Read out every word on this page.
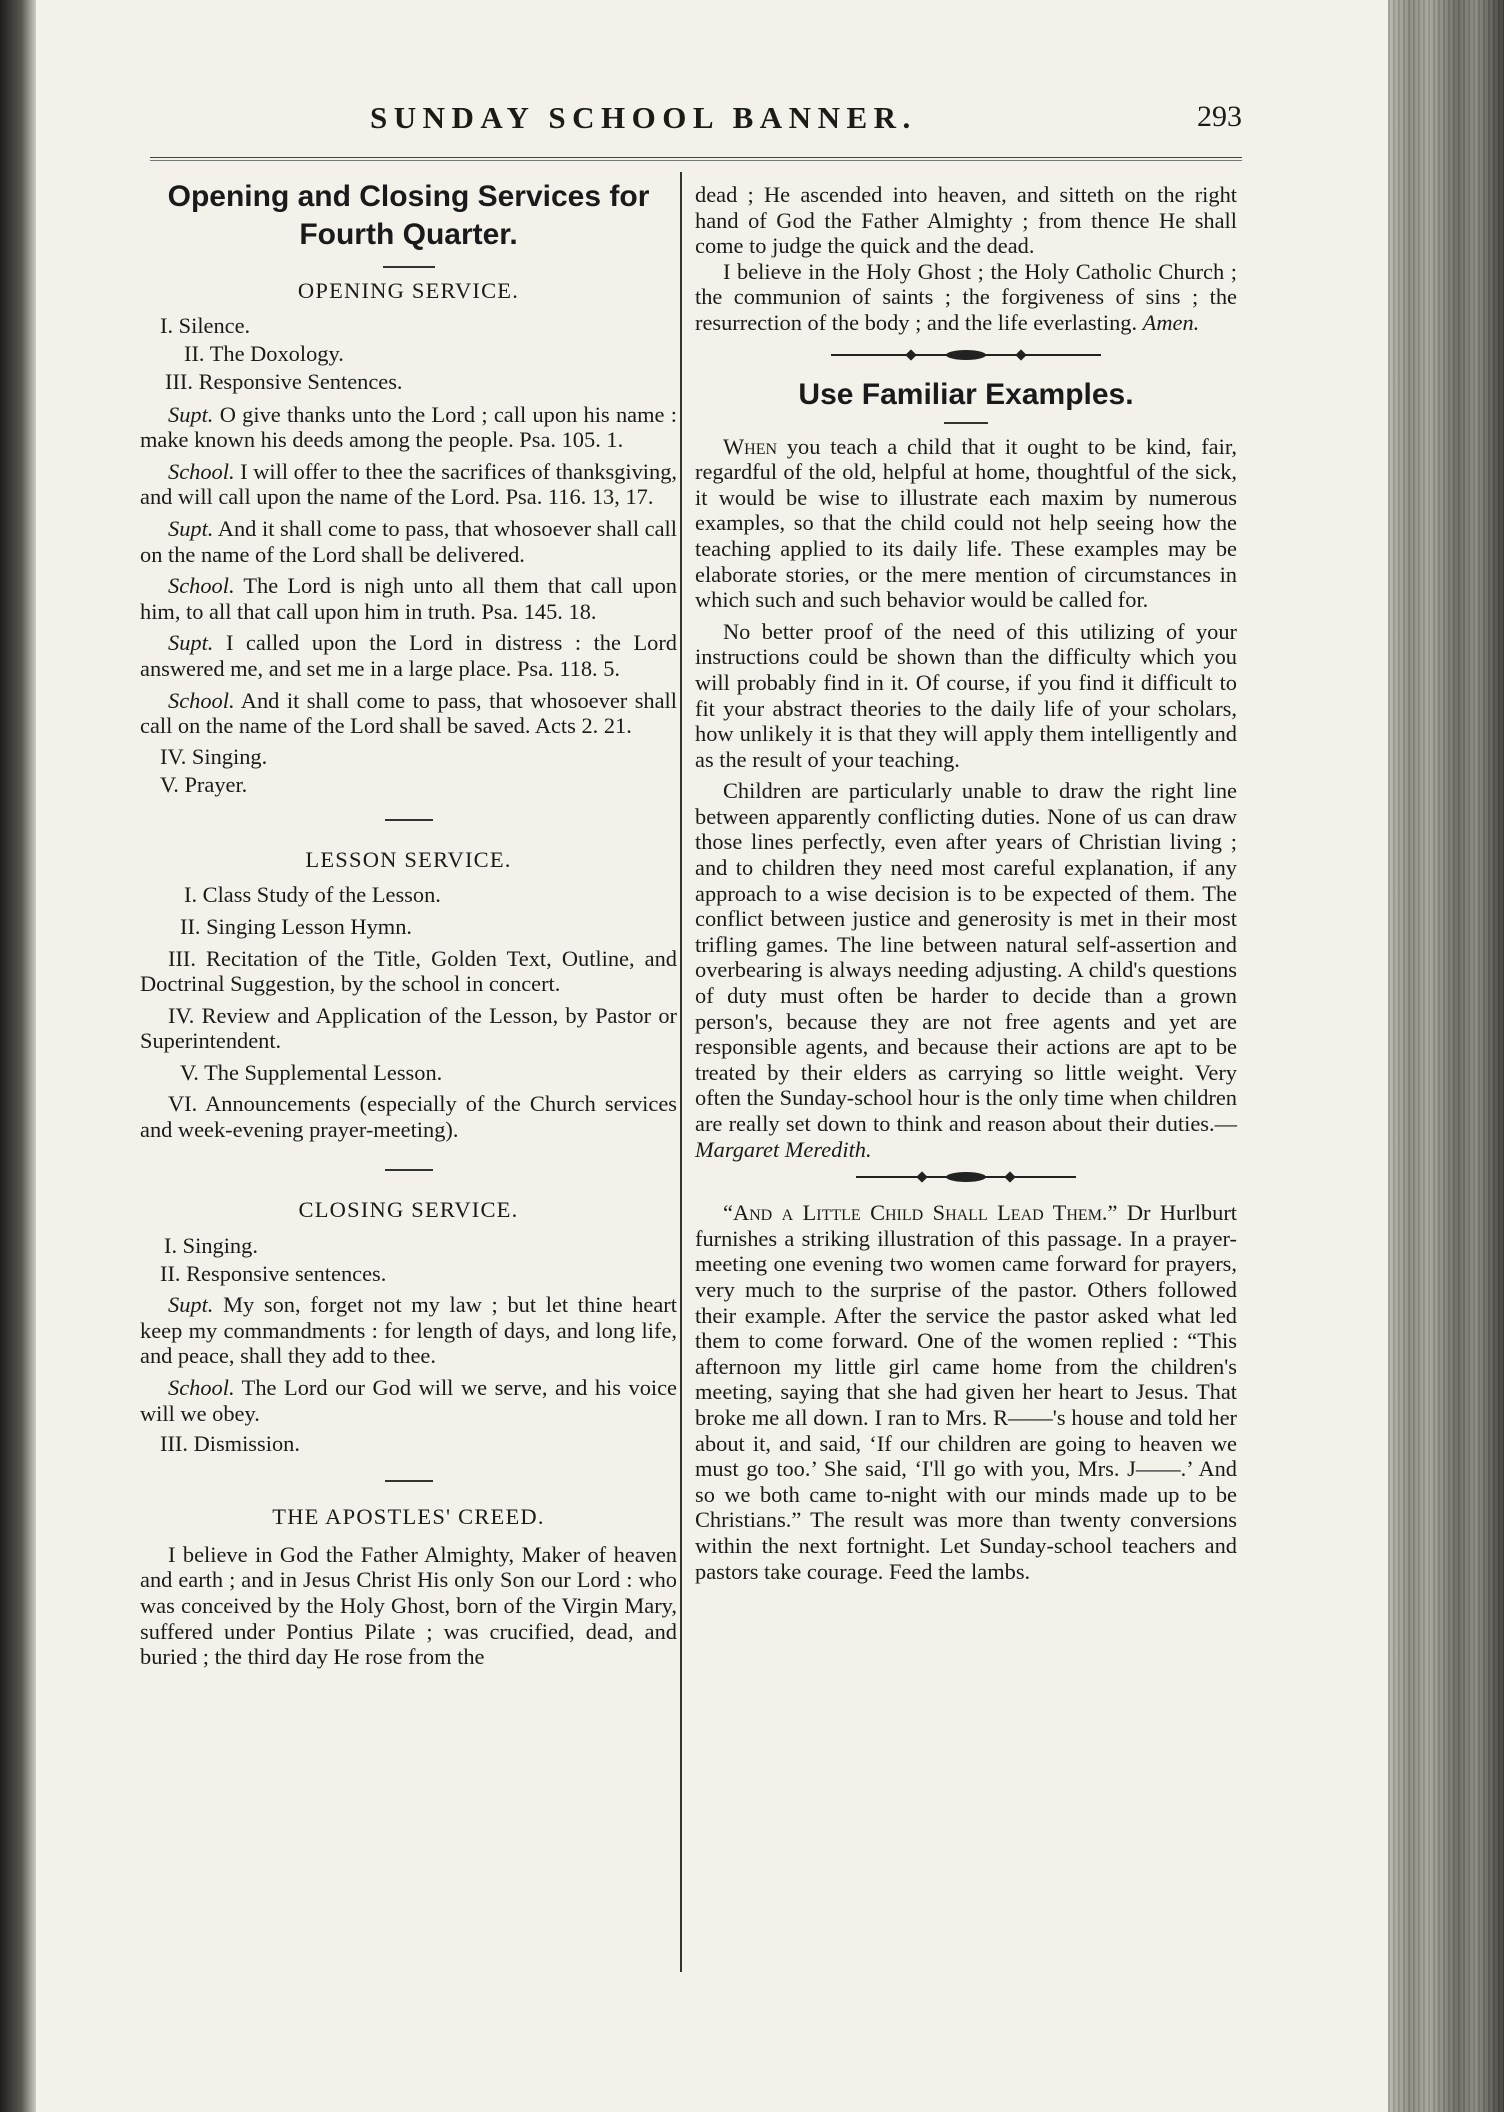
SUNDAY SCHOOL BANNER.	293
Opening and Closing Services for Fourth Quarter.
OPENING SERVICE.

I. Silence.

II. The Doxology.

III. Responsive Sentences.

Supt. O give thanks unto the Lord ; call upon his name : make known his deeds among the people. Psa. 105. 1.

School. I will offer to thee the sacrifices of thanksgiving, and will call upon the name of the Lord. Psa. 116. 13, 17.

Supt. And it shall come to pass, that whosoever shall call on the name of the Lord shall be delivered.

School. The Lord is nigh unto all them that call upon him, to all that call upon him in truth. Psa. 145. 18.

Supt. I called upon the Lord in distress : the Lord answered me, and set me in a large place. Psa. 118. 5.

School. And it shall come to pass, that whosoever shall call on the name of the Lord shall be saved. Acts 2. 21.

IV. Singing.

V. Prayer.

LESSON SERVICE.

I. Class Study of the Lesson.

II. Singing Lesson Hymn.

III. Recitation of the Title, Golden Text, Outline, and Doctrinal Suggestion, by the school in concert.

IV. Review and Application of the Lesson, by Pastor or Superintendent.

V. The Supplemental Lesson.

VI. Announcements (especially of the Church services and week-evening prayer-meeting).

CLOSING SERVICE.

I. Singing.

II. Responsive sentences.

Supt. My son, forget not my law ; but let thine heart keep my commandments : for length of days, and long life, and peace, shall they add to thee.

School. The Lord our God will we serve, and his voice will we obey.

III. Dismission.

THE APOSTLES' CREED.

I believe in God the Father Almighty, Maker of heaven and earth ; and in Jesus Christ His only Son our Lord : who was conceived by the Holy Ghost, born of the Virgin Mary, suffered under Pontius Pilate ; was crucified, dead, and buried ; the third day He rose from the

dead ; He ascended into heaven, and sitteth on the right hand of God the Father Almighty ; from thence He shall come to judge the quick and the dead.

I believe in the Holy Ghost ; the Holy Catholic Church ; the communion of saints ; the forgiveness of sins ; the resurrection of the body ; and the life everlasting. Amen.

Use Familiar Examples.

When you teach a child that it ought to be kind, fair, regardful of the old, helpful at home, thoughtful of the sick, it would be wise to illustrate each maxim by numerous examples, so that the child could not help seeing how the teaching applied to its daily life. These examples may be elaborate stories, or the mere mention of circumstances in which such and such behavior would be called for.

No better proof of the need of this utilizing of your instructions could be shown than the difficulty which you will probably find in it. Of course, if you find it difficult to fit your abstract theories to the daily life of your scholars, how unlikely it is that they will apply them intelligently and as the result of your teaching.

Children are particularly unable to draw the right line between apparently conflicting duties. None of us can draw those lines perfectly, even after years of Christian living ; and to children they need most careful explanation, if any approach to a wise decision is to be expected of them. The conflict between justice and generosity is met in their most trifling games. The line between natural self-assertion and overbearing is always needing adjusting. A child's questions of duty must often be harder to decide than a grown person's, because they are not free agents and yet are responsible agents, and because their actions are apt to be treated by their elders as carrying so little weight. Very often the Sunday-school hour is the only time when children are really set down to think and reason about their duties.—Margaret Meredith.

“And a Little Child Shall Lead Them.” Dr Hurlburt furnishes a striking illustration of this passage. In a prayer-meeting one evening two women came forward for prayers, very much to the surprise of the pastor. Others followed their example. After the service the pastor asked what led them to come forward. One of the women replied : “This afternoon my little girl came home from the children's meeting, saying that she had given her heart to Jesus. That broke me all down. I ran to Mrs. R——'s house and told her about it, and said, ‘If our children are going to heaven we must go too.’ She said, ‘I'll go with you, Mrs. J——.’ And so we both came to-night with our minds made up to be Christians.” The result was more than twenty conversions within the next fortnight. Let Sunday-school teachers and pastors take courage. Feed the lambs.
